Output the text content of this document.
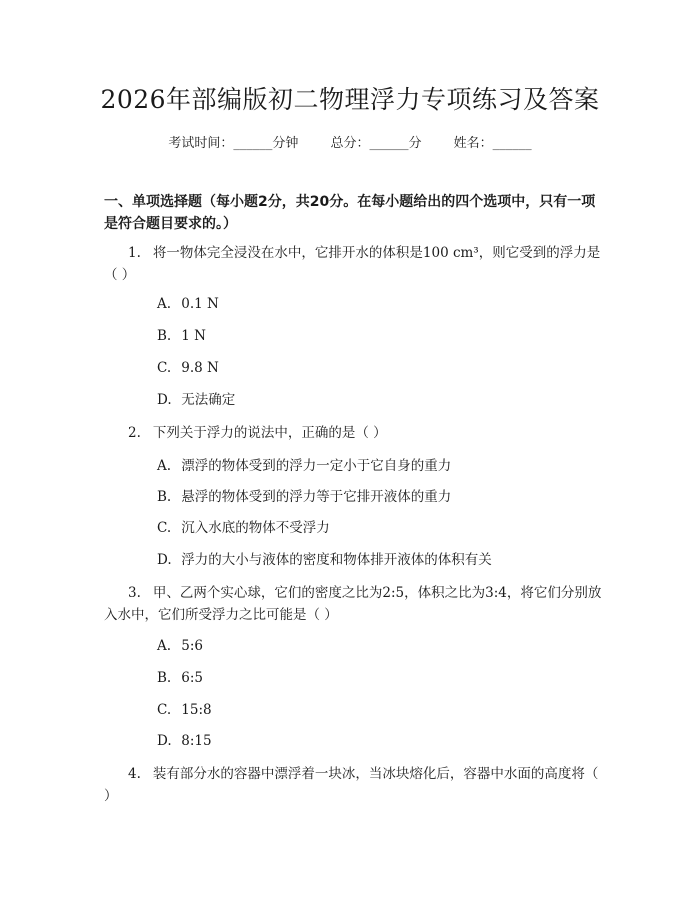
2026年部编版初二物理浮力专项练习及答案
考试时间：______分钟 总分：______分 姓名：______
一、单项选择题（每小题2分，共20分。在每小题给出的四个选项中，只有一项是符合题目要求的。）
1. 将一物体完全浸没在水中，它排开水的体积是100 cm³，则它受到的浮力是（ ）
A. 0.1 N
B. 1 N
C. 9.8 N
D. 无法确定
2. 下列关于浮力的说法中，正确的是（ ）
A. 漂浮的物体受到的浮力一定小于它自身的重力
B. 悬浮的物体受到的浮力等于它排开液体的重力
C. 沉入水底的物体不受浮力
D. 浮力的大小与液体的密度和物体排开液体的体积有关
3. 甲、乙两个实心球，它们的密度之比为2:5，体积之比为3:4，将它们分别放入水中，它们所受浮力之比可能是（ ）
A. 5:6
B. 6:5
C. 15:8
D. 8:15
4. 装有部分水的容器中漂浮着一块冰，当冰块熔化后，容器中水面的高度将（ ）
